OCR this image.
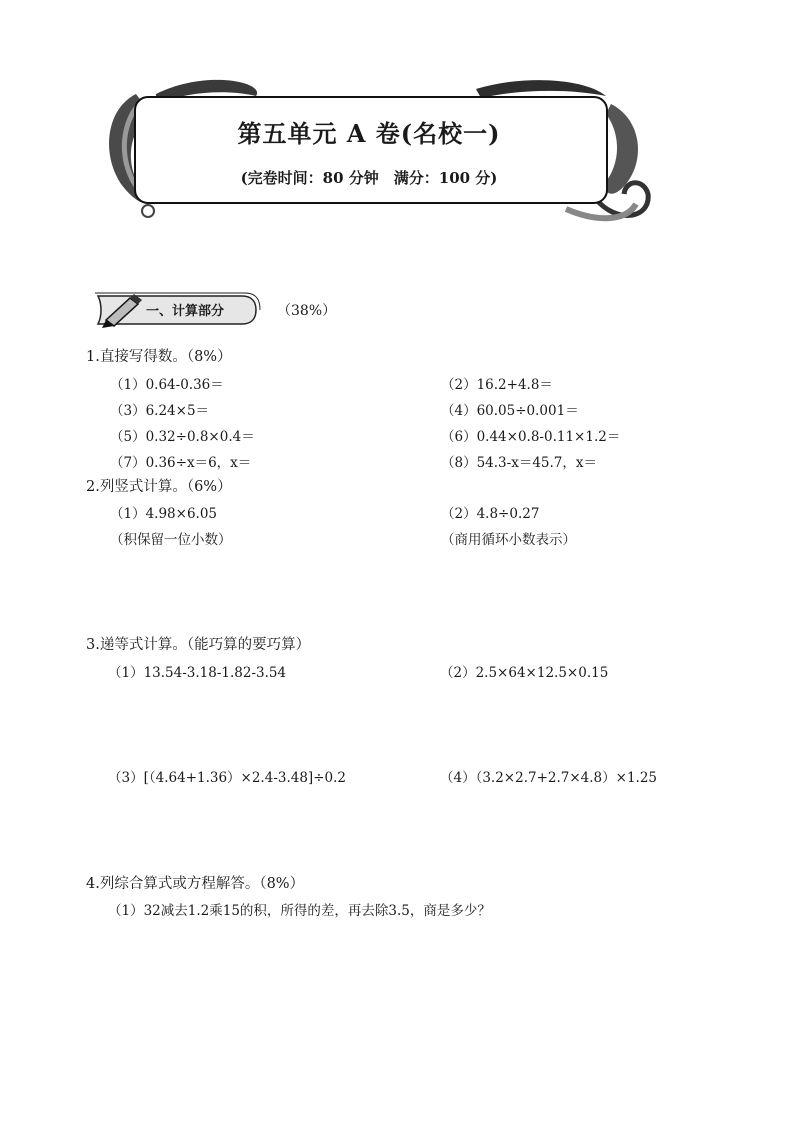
第五单元 A 卷(名校一)
(完卷时间：80 分钟　满分：100 分)
一、计算部分	（38%）
1.直接写得数。（8%）
（1）0.64-0.36＝	（2）16.2+4.8＝
（3）6.24×5＝	（4）60.05÷0.001＝
（5）0.32÷0.8×0.4＝	（6）0.44×0.8-0.11×1.2＝
（7）0.36÷x＝6，x＝	（8）54.3-x＝45.7，x＝
2.列竖式计算。（6%）
（1）4.98×6.05	（2）4.8÷0.27
（积保留一位小数）	（商用循环小数表示）
3.递等式计算。（能巧算的要巧算）
（1）13.54-3.18-1.82-3.54	（2）2.5×64×12.5×0.15
（3）[（4.64+1.36）×2.4-3.48]÷0.2	（4）（3.2×2.7+2.7×4.8）×1.25
4.列综合算式或方程解答。（8%）
（1）32减去1.2乘15的积，所得的差，再去除3.5，商是多少？
